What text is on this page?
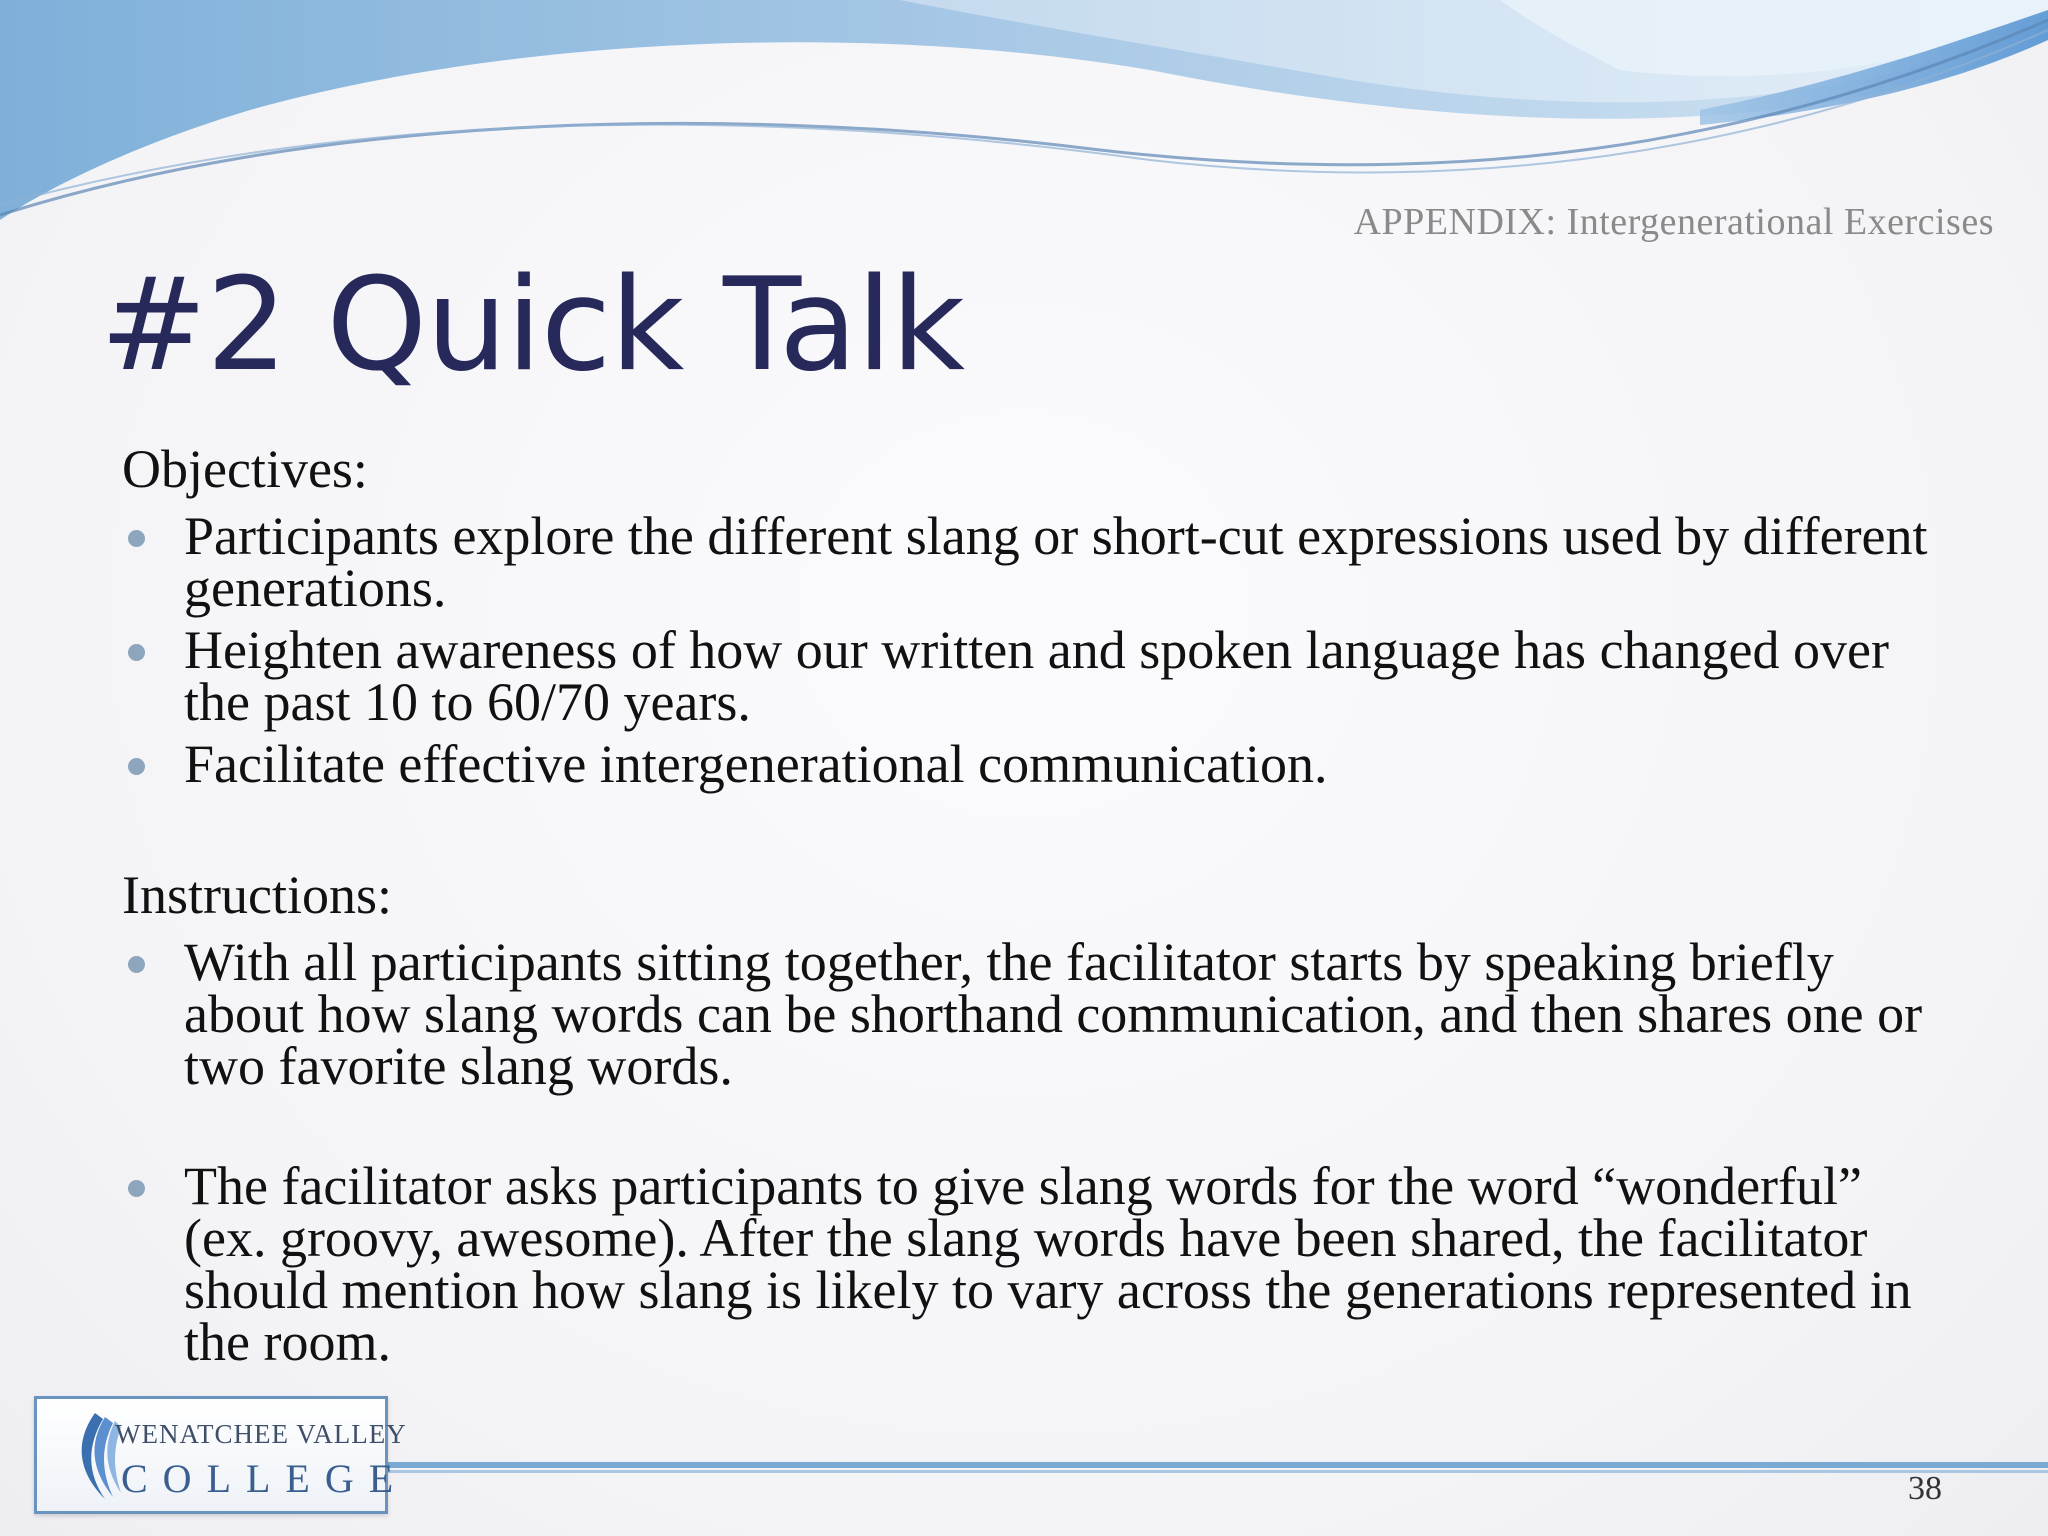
APPENDIX: Intergenerational Exercises
#2 Quick Talk

Objectives:

Participants explore the different slang or short-cut expressions used by different generations.
Heighten awareness of how our written and spoken language has changed over the past 10 to 60/70 years.
Facilitate effective intergenerational communication.

Instructions:

With all participants sitting together, the facilitator starts by speaking briefly about how slang words can be shorthand communication, and then shares one or two favorite slang words.
The facilitator asks participants to give slang words for the word “wonderful” (ex. groovy, awesome). After the slang words have been shared, the facilitator should mention how slang is likely to vary across the generations represented in the room.
WENATCHEE VALLEY
COLLEGE	38
